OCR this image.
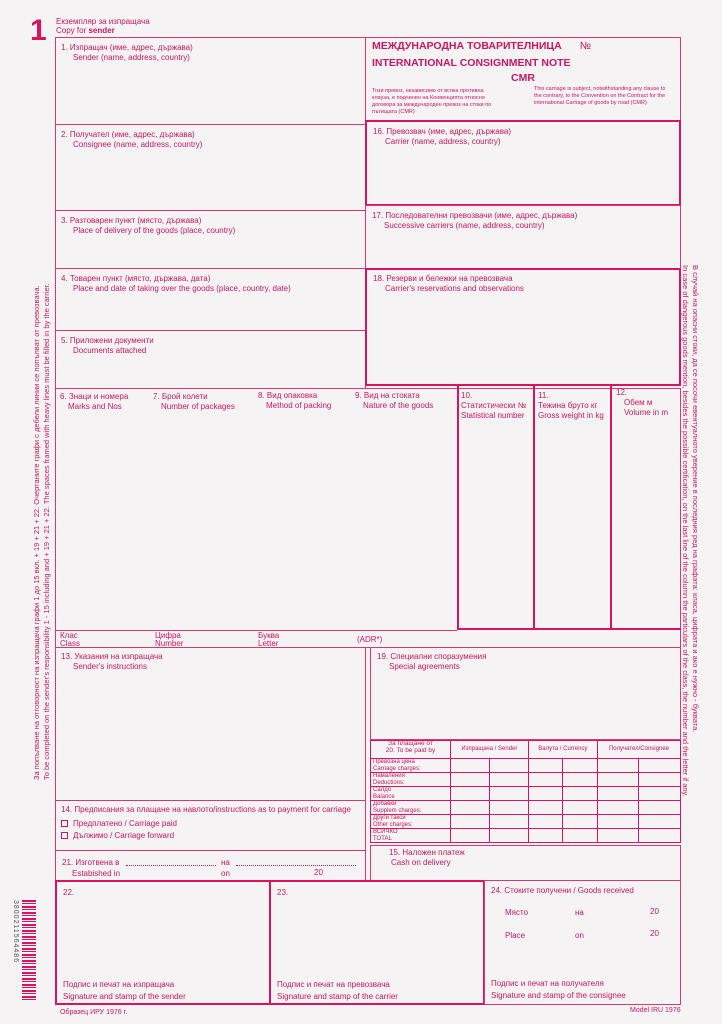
1 Екземпляр за изпращача
Copy for sender
1. Изпращач (име, адрес, държава)
Sender (name, address, country)
2. Получател (име, адрес, държава)
Consignee (name, address, country)
3. Разтоварен пункт (място, държава)
Place of delivery of the goods (place, country)
4. Товарен пункт (място, държава, дата)
Place and date of taking over the goods (place, country, date)
5. Приложени документи
Documents attached
МЕЖДУНАРОДНА ТОВАРИТЕЛНИЦА №
INTERNATIONAL CONSIGNMENT NOTE
CMR
Този превоз, независимо от всяка противна клауза, е подчинен на Конвенцията относно договора за международен превоз на стоки по пътищата (CMR)
This carriage is subject, notwithstanding any clause to the contrary, to the Convention on the Contract for the international Carriage of goods by road (CMR)
16. Превозвач (име, адрес, държава)
Carrier (name, address, country)
17. Последователни превозвачи (име, адрес, държава)
Successive carriers (name, address, country)
18. Резерви и бележки на превозвача
Carrier's reservations and observations
6. Знаци и номера
Marks and Nos
7. Брой колети
Number of packages
8. Вид опаковка
Method of packing
9. Вид на стоката
Nature of the goods
10.
Статистически №
Statistical number
11.
Тежина бруто кг
Gross weight in kg
12.
Обем м
Volume in m
Клас
Class
Цифра
Number
Буква
Letter	(ADR*)
13. Указания на изпращача
Sender's instructions
14. Предписания за плащане на навлото/instructions as to payment for carriage
Предплатено / Carriage paid
Дължимо / Carriage forward
21. Изготвена в	на
Estabished in	on	20
19. Специални споразумения
Special agreements
За плащане от
20. To be paid by	Изпращача / Sender		Валута / Currency		Получател/Consignee	

Превозна цена
Carriage charges:						

Намаления
Deductions:						

Салдо
Balance						

Добавки
Supplem charges:						

Други такси
Other charges:						

ВСИЧКО
TOTAL						

15. Наложен платеж
Cash on delivery
22.
Подпис и печат на изпращача
Signature and stamp of the sender
23.
Подпис и печат на превозвача
Signature and stamp of the carrier
24. Стоките получени / Goods received
Място	на	20
Place	on	20
Подпис и печат на получателя
Signature and stamp of the consignee
Образец ИРУ 1976 г.	Model IRU 1976
За попълване на отговорност на изпращача графи 1 до 15 вкл. + 19 + 21 + 22. Очертаните графи с дебели линии се попълват от превозвача. To be completed on the sender's responsibility 1 - 15 including and + 19 + 21 + 22. The spaces framed with heavy lines must be filled in by the carrier.	В случай на опасни стоки, да се посочи евентуалното уверение в последния ред на графата: класа, цифрата и ако е нужно - буквата.
In case of dangerous goods mention, besides the possible certification, on the last line of the column the particulars of the class, the number and the letter if any.
3800211564486
